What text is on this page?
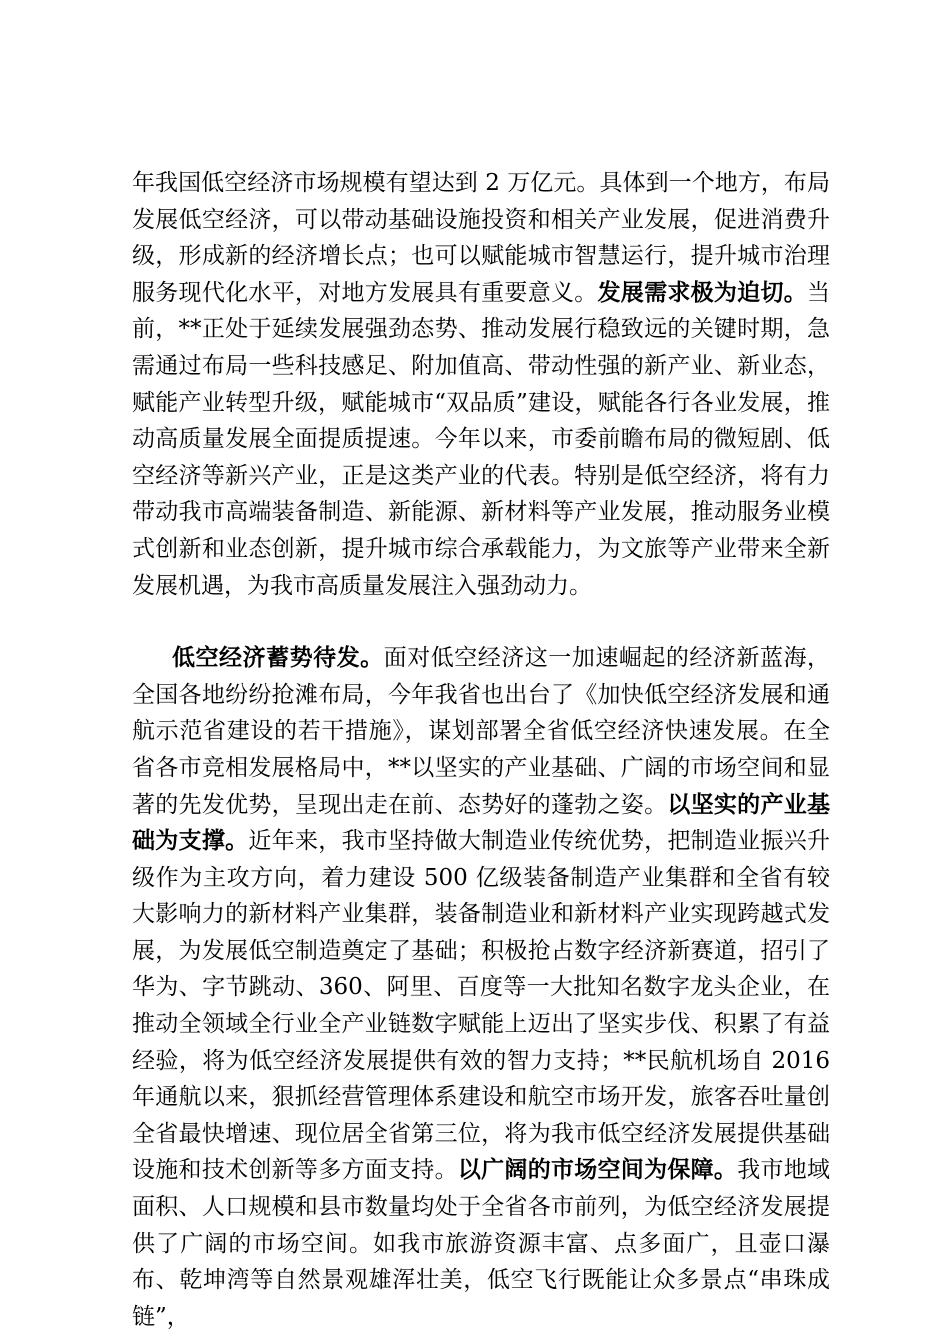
年我国低空经济市场规模有望达到 2 万亿元。具体到一个地方，布局发展低空经济，可以带动基础设施投资和相关产业发展，促进消费升级，形成新的经济增长点；也可以赋能城市智慧运行，提升城市治理服务现代化水平，对地方发展具有重要意义。发展需求极为迫切。当前，**正处于延续发展强劲态势、推动发展行稳致远的关键时期，急需通过布局一些科技感足、附加值高、带动性强的新产业、新业态，赋能产业转型升级，赋能城市“双品质”建设，赋能各行各业发展，推动高质量发展全面提质提速。今年以来，市委前瞻布局的微短剧、低空经济等新兴产业，正是这类产业的代表。特别是低空经济，将有力带动我市高端装备制造、新能源、新材料等产业发展，推动服务业模式创新和业态创新，提升城市综合承载能力，为文旅等产业带来全新发展机遇，为我市高质量发展注入强劲动力。

低空经济蓄势待发。面对低空经济这一加速崛起的经济新蓝海，全国各地纷纷抢滩布局，今年我省也出台了《加快低空经济发展和通航示范省建设的若干措施》，谋划部署全省低空经济快速发展。在全省各市竞相发展格局中，**以坚实的产业基础、广阔的市场空间和显著的先发优势，呈现出走在前、态势好的蓬勃之姿。以坚实的产业基础为支撑。近年来，我市坚持做大制造业传统优势，把制造业振兴升级作为主攻方向，着力建设 500 亿级装备制造产业集群和全省有较大影响力的新材料产业集群，装备制造业和新材料产业实现跨越式发展，为发展低空制造奠定了基础；积极抢占数字经济新赛道，招引了华为、字节跳动、360、阿里、百度等一大批知名数字龙头企业，在推动全领域全行业全产业链数字赋能上迈出了坚实步伐、积累了有益经验，将为低空经济发展提供有效的智力支持；**民航机场自 2016 年通航以来，狠抓经营管理体系建设和航空市场开发，旅客吞吐量创全省最快增速、现位居全省第三位，将为我市低空经济发展提供基础设施和技术创新等多方面支持。以广阔的市场空间为保障。我市地域面积、人口规模和县市数量均处于全省各市前列，为低空经济发展提供了广阔的市场空间。如我市旅游资源丰富、点多面广，且壶口瀑布、乾坤湾等自然景观雄浑壮美，低空飞行既能让众多景点“串珠成链”，
